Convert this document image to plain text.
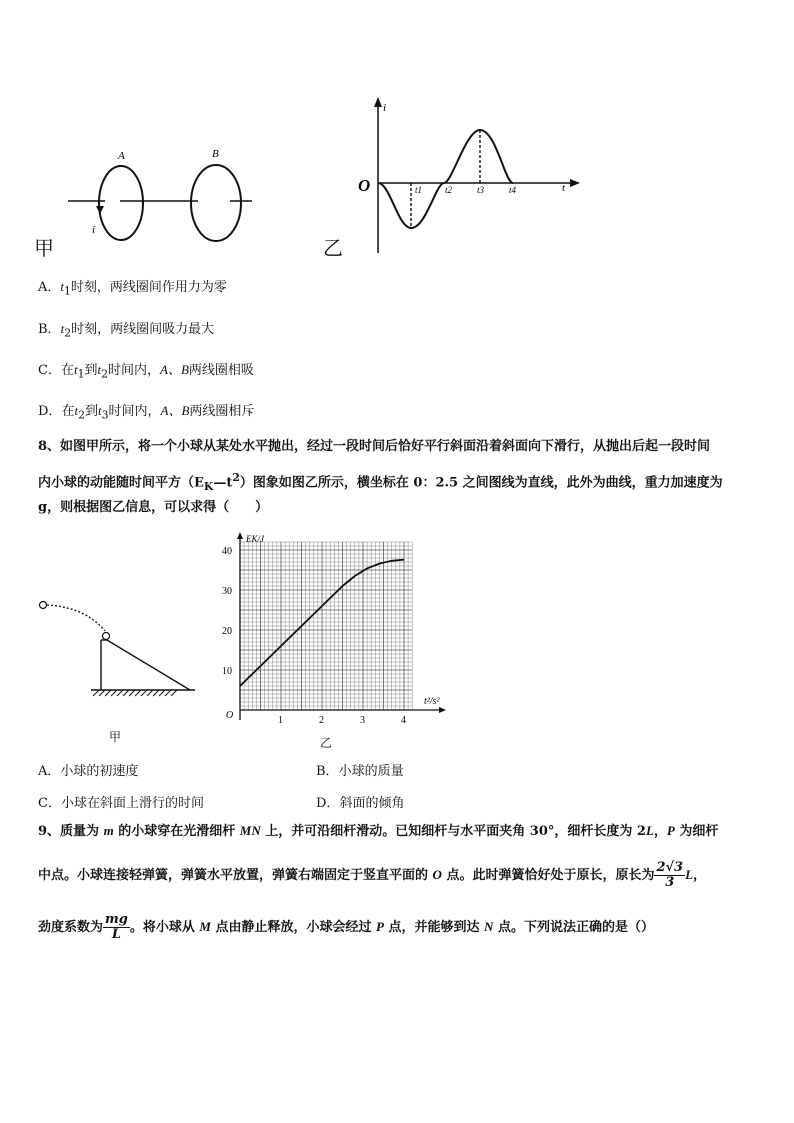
A	B
i
甲	乙
i
t
O	t1	t2	t3	t4
A．$t_1$时刻，两线圈间作用力为零
B．$t_2$时刻，两线圈间吸力最大
C．在$t_1$到$t_2$时间内，A、B两线圈相吸
D．在$t_2$到$t_3$时间内，A、B两线圈相斥
8、如图甲所示，将一个小球从某处水平抛出，经过一段时间后恰好平行斜面沿着斜面向下滑行，从抛出后起一段时间
内小球的动能随时间平方$(E_K—t^2)$图象如图乙所示，横坐标在 0：2.5 之间图线为直线，此外为曲线，重力加速度为
g，则根据图乙信息，可以求得（　　）
甲
10
20
30
40
1	2	3	4
EK/J
t²/s²
O
乙
A．小球的初速度	B．小球的质量
C．小球在斜面上滑行的时间	D．斜面的倾角
9、质量为 m 的小球穿在光滑细杆 MN 上，并可沿细杆滑动。已知细杆与水平面夹角 30°，细杆长度为 2L，P 为细杆
中点。小球连接轻弹簧，弹簧水平放置，弹簧右端固定于竖直平面的 O 点。此时弹簧恰好处于原长，原长为 $\frac{2√3}{3}$ L，
劲度系数为 $\frac{mg}{L}$ 。将小球从 M 点由静止释放，小球会经过 P 点，并能够到达 N 点。下列说法正确的是（）
